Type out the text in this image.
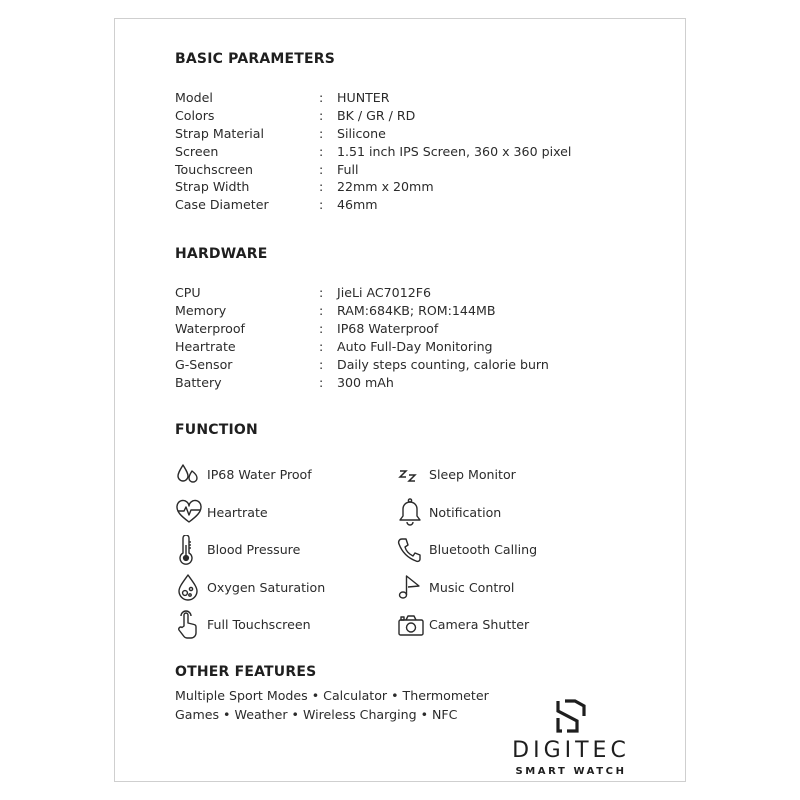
BASIC PARAMETERS
Model	:	HUNTER
Colors	:	BK / GR / RD
Strap Material	:	Silicone
Screen	:	1.51 inch IPS Screen, 360 x 360 pixel
Touchscreen	:	Full
Strap Width	:	22mm x 20mm
Case Diameter	:	46mm
HARDWARE
CPU	:	JieLi AC7012F6
Memory	:	RAM:684KB; ROM:144MB
Waterproof	:	IP68 Waterproof
Heartrate	:	Auto Full-Day Monitoring
G-Sensor	:	Daily steps counting, calorie burn
Battery	:	300 mAh
FUNCTION
IP68 Water Proof
Heartrate
Blood Pressure
Oxygen Saturation
Full Touchscreen
Sleep Monitor
Notification
Bluetooth Calling
Music Control
Camera Shutter
OTHER FEATURES
Multiple Sport Modes • Calculator • Thermometer
Games • Weather • Wireless Charging • NFC
DIGITEC
SMART WATCH
